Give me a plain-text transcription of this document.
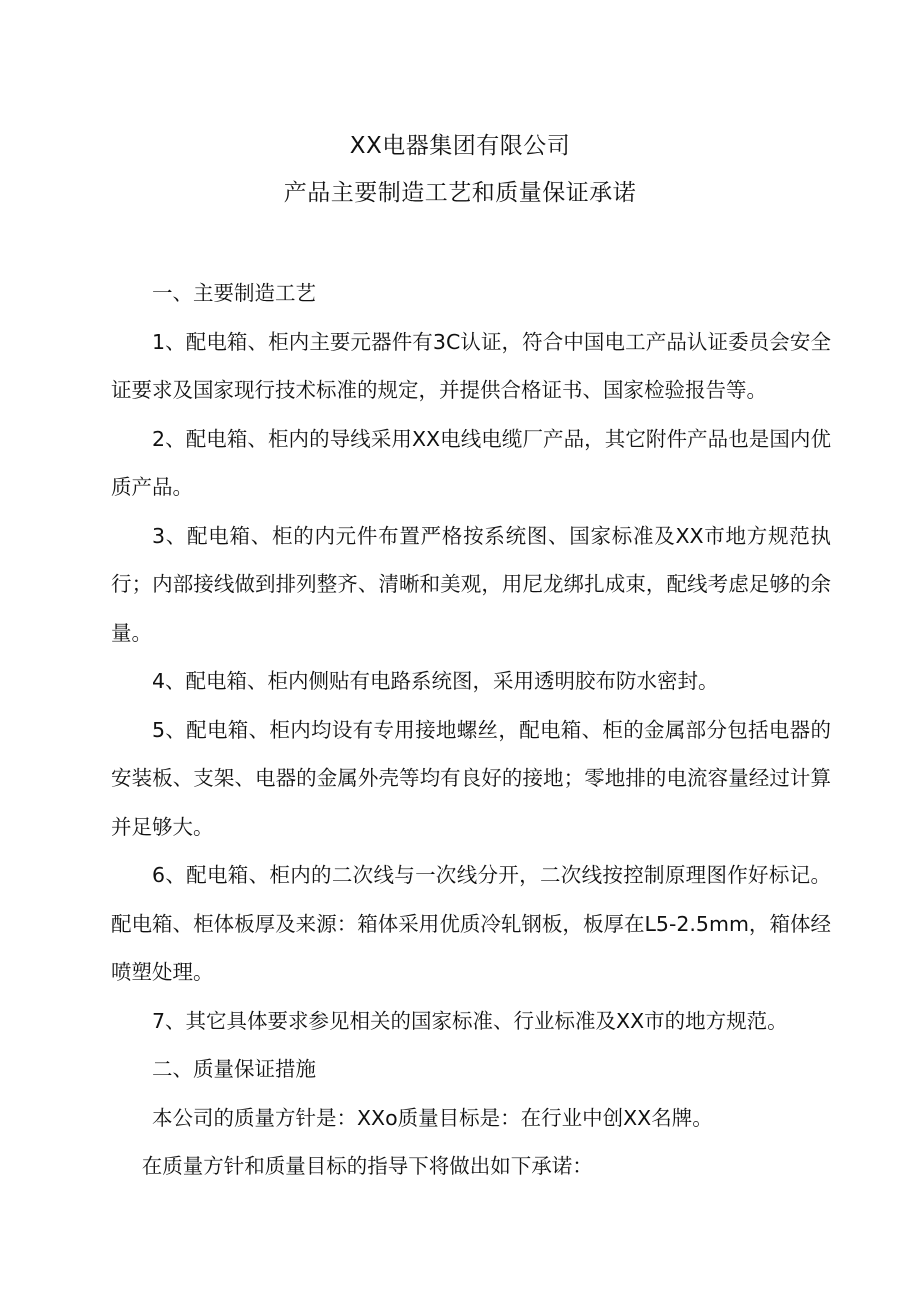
XX电器集团有限公司
产品主要制造工艺和质量保证承诺

一、主要制造工艺

1、配电箱、柜内主要元器件有3C认证，符合中国电工产品认证委员会安全证要求及国家现行技术标准的规定，并提供合格证书、国家检验报告等。

2、配电箱、柜内的导线采用XX电线电缆厂产品，其它附件产品也是国内优质产品。

3、配电箱、柜的内元件布置严格按系统图、国家标准及XX市地方规范执行；内部接线做到排列整齐、清晰和美观，用尼龙绑扎成束，配线考虑足够的余量。

4、配电箱、柜内侧贴有电路系统图，采用透明胶布防水密封。

5、配电箱、柜内均设有专用接地螺丝，配电箱、柜的金属部分包括电器的安装板、支架、电器的金属外壳等均有良好的接地；零地排的电流容量经过计算并足够大。

6、配电箱、柜内的二次线与一次线分开，二次线按控制原理图作好标记。配电箱、柜体板厚及来源：箱体采用优质冷轧钢板，板厚在L5-2.5mm，箱体经喷塑处理。

7、其它具体要求参见相关的国家标准、行业标准及XX市的地方规范。

二、质量保证措施

本公司的质量方针是：XXo质量目标是：在行业中创XX名牌。

在质量方针和质量目标的指导下将做出如下承诺：
